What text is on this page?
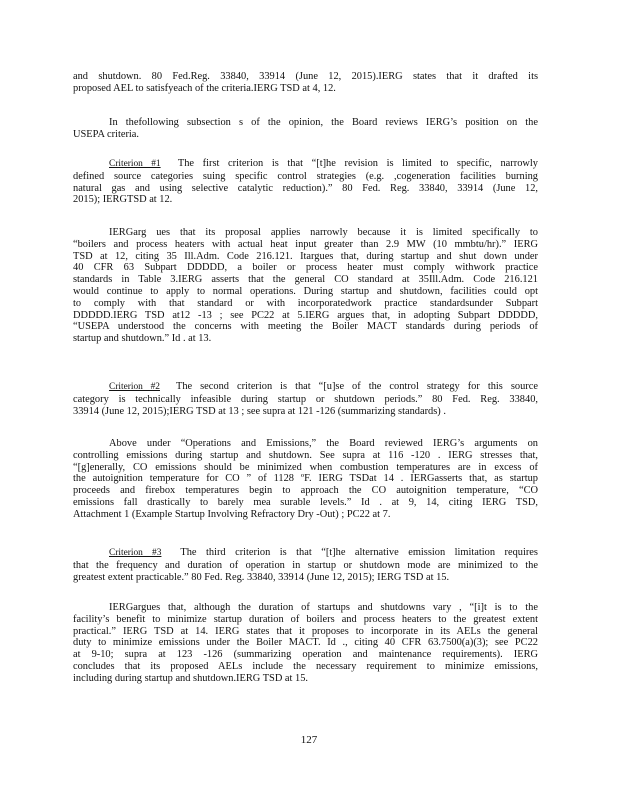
and shutdown. 80 Fed.Reg. 33840, 33914 (June 12, 2015).IERG states that it drafted its
proposed AEL to satisfyeach of the criteria.IERG TSD at 4, 12.
In thefollowing subsection s of the opinion, the Board reviews IERG’s position on the
USEPA criteria.
Criterion #1 The first criterion is that “[t]he revision is limited to specific, narrowly
defined source categories suing specific control strategies (e.g. ,cogeneration facilities burning
natural gas and using selective catalytic reduction).” 80 Fed. Reg. 33840, 33914 (June 12,
2015); IERGTSD at 12.
IERGarg ues that its proposal applies narrowly because it is limited specifically to
“boilers and process heaters with actual heat input greater than 2.9 MW (10 mmbtu/hr).” IERG
TSD at 12, citing 35 Ill.Adm. Code 216.121. Itargues that, during startup and shut down under
40 CFR 63 Subpart DDDDD, a boiler or process heater must comply withwork practice
standards in Table 3.IERG asserts that the general CO standard at 35Ill.Adm. Code 216.121
would continue to apply to normal operations. During startup and shutdown, facilities could opt
to comply with that standard or with incorporatedwork practice standardsunder Subpart
DDDDD.IERG TSD at12 -13 ; see PC22 at 5.IERG argues that, in adopting Subpart DDDDD,
“USEPA understood the concerns with meeting the Boiler MACT standards during periods of
startup and shutdown.” Id . at 13.
Criterion #2 The second criterion is that “[u]se of the control strategy for this source
category is technically infeasible during startup or shutdown periods.” 80 Fed. Reg. 33840,
33914 (June 12, 2015);IERG TSD at 13 ; see supra at 121 -126 (summarizing standards) .
Above under “Operations and Emissions,” the Board reviewed IERG’s arguments on
controlling emissions during startup and shutdown. See supra at 116 -120 . IERG stresses that,
“[g]enerally, CO emissions should be minimized when combustion temperatures are in excess of
the autoignition temperature for CO ” of 1128 ºF. IERG TSDat 14 . IERGasserts that, as startup
proceeds and firebox temperatures begin to approach the CO autoignition temperature, “CO
emissions fall drastically to barely mea surable levels.” Id . at 9, 14, citing IERG TSD,
Attachment 1 (Example Startup Involving Refractory Dry -Out) ; PC22 at 7.
Criterion #3 The third criterion is that “[t]he alternative emission limitation requires
that the frequency and duration of operation in startup or shutdown mode are minimized to the
greatest extent practicable.” 80 Fed. Reg. 33840, 33914 (June 12, 2015); IERG TSD at 15.
IERGargues that, although the duration of startups and shutdowns vary , “[i]t is to the
facility’s benefit to minimize startup duration of boilers and process heaters to the greatest extent
practical.” IERG TSD at 14. IERG states that it proposes to incorporate in its AELs the general
duty to minimize emissions under the Boiler MACT. Id ., citing 40 CFR 63.7500(a)(3); see PC22
at 9-10; supra at 123 -126 (summarizing operation and maintenance requirements). IERG
concludes that its proposed AELs include the necessary requirement to minimize emissions,
including during startup and shutdown.IERG TSD at 15.
127
